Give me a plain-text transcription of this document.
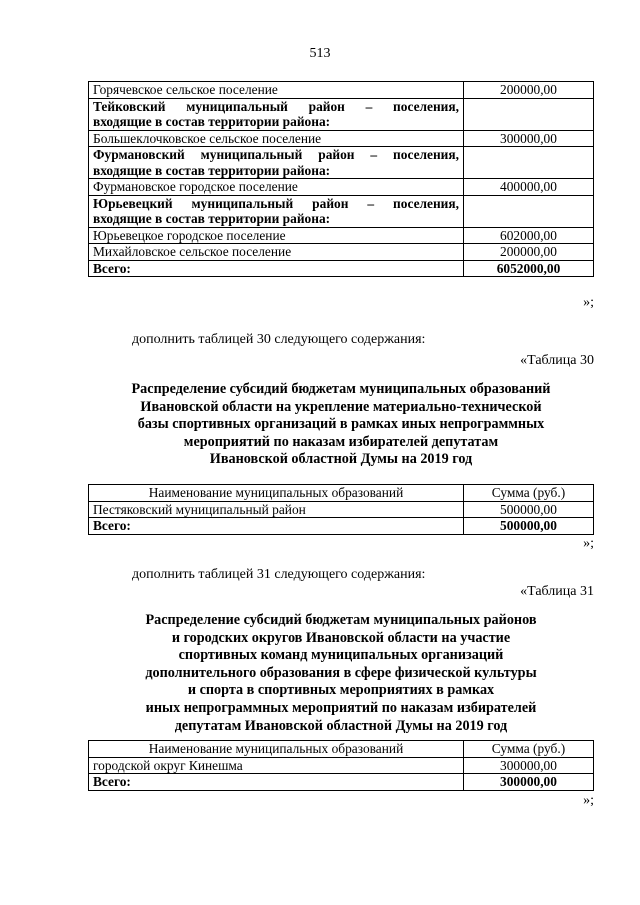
513
Горячевское сельское поселение	200000,00

Тейковский муниципальный район – поселения,
входящие в состав территории района:	

Большеклочковское сельское поселение	300000,00

Фурмановский муниципальный район – поселения,
входящие в состав территории района:	

Фурмановское городское поселение	400000,00

Юрьевецкий муниципальный район – поселения,
входящие в состав территории района:	

Юрьевецкое городское поселение	602000,00
Михайловское сельское поселение	200000,00
Всего:	6052000,00
»;
дополнить таблицей 30 следующего содержания:
«Таблица 30
Распределение субсидий бюджетам муниципальных образований
Ивановской области на укрепление материально-технической
базы спортивных организаций в рамках иных непрограммных
мероприятий по наказам избирателей депутатам
Ивановской областной Думы на 2019 год
Наименование муниципальных образований	Сумма (руб.)
Пестяковский муниципальный район	500000,00
Всего:	500000,00
»;
дополнить таблицей 31 следующего содержания:
«Таблица 31
Распределение субсидий бюджетам муниципальных районов
и городских округов Ивановской области на участие
спортивных команд муниципальных организаций
дополнительного образования в сфере физической культуры
и спорта в спортивных мероприятиях в рамках
иных непрограммных мероприятий по наказам избирателей
депутатам Ивановской областной Думы на 2019 год
Наименование муниципальных образований	Сумма (руб.)
городской округ Кинешма	300000,00
Всего:	300000,00
»;
